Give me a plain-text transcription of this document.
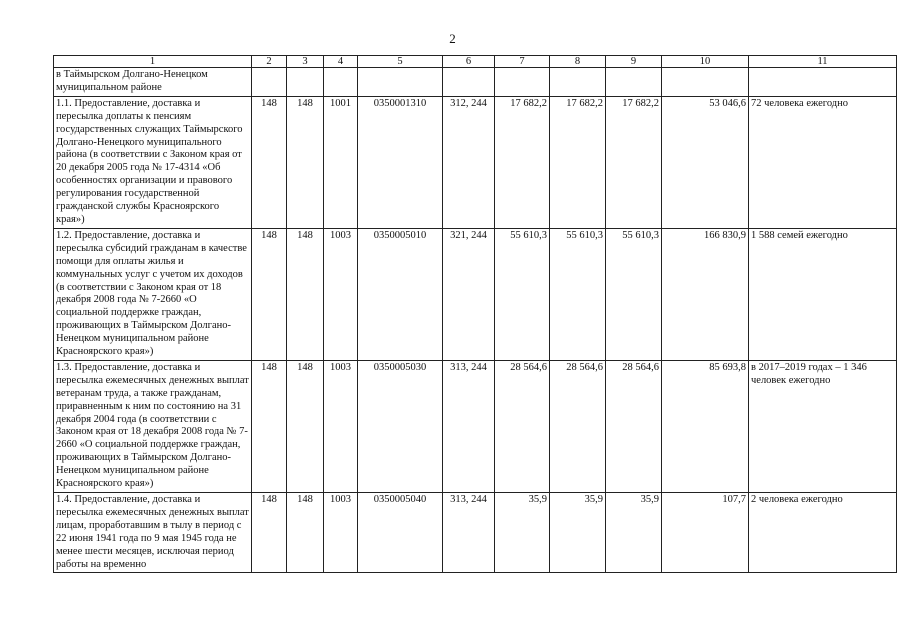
2
1	2	3	4	5	6	7	8	9	10	11
в Таймырском Долгано-Ненецком муниципальном районе										
1.1. Предоставление, доставка и пересылка доплаты к пенсиям государственных служащих Таймырского Долгано-Ненецкого муниципального района (в соответствии с Законом края от 20 декабря 2005 года № 17-4314 «Об особенностях организации и правового регулирования государственной гражданской службы Красноярского края»)	148	148	1001	0350001310	312, 244	17 682,2	17 682,2	17 682,2	53 046,6	72 человека ежегодно
1.2. Предоставление, доставка и пересылка субсидий гражданам в качестве помощи для оплаты жилья и коммунальных услуг с учетом их доходов (в соответствии с Законом края от 18 декабря 2008 года № 7-2660 «О социальной поддержке граждан, проживающих в Таймырском Долгано-Ненецком муниципальном районе Красноярского края»)	148	148	1003	0350005010	321, 244	55 610,3	55 610,3	55 610,3	166 830,9	1 588 семей ежегодно
1.3. Предоставление, доставка и пересылка ежемесячных денежных выплат ветеранам труда, а также гражданам, приравненным к ним по состоянию на 31 декабря 2004 года (в соответствии с Законом края от 18 декабря 2008 года № 7-2660 «О социальной поддержке граждан, проживающих в Таймырском Долгано-Ненецком муниципальном районе Красноярского края»)	148	148	1003	0350005030	313, 244	28 564,6	28 564,6	28 564,6	85 693,8	в 2017–2019 годах – 1 346 человек ежегодно
1.4. Предоставление, доставка и пересылка ежемесячных денежных выплат лицам, проработавшим в тылу в период с 22 июня 1941 года по 9 мая 1945 года не менее шести месяцев, исключая период работы на временно	148	148	1003	0350005040	313, 244	35,9	35,9	35,9	107,7	2 человека ежегодно
